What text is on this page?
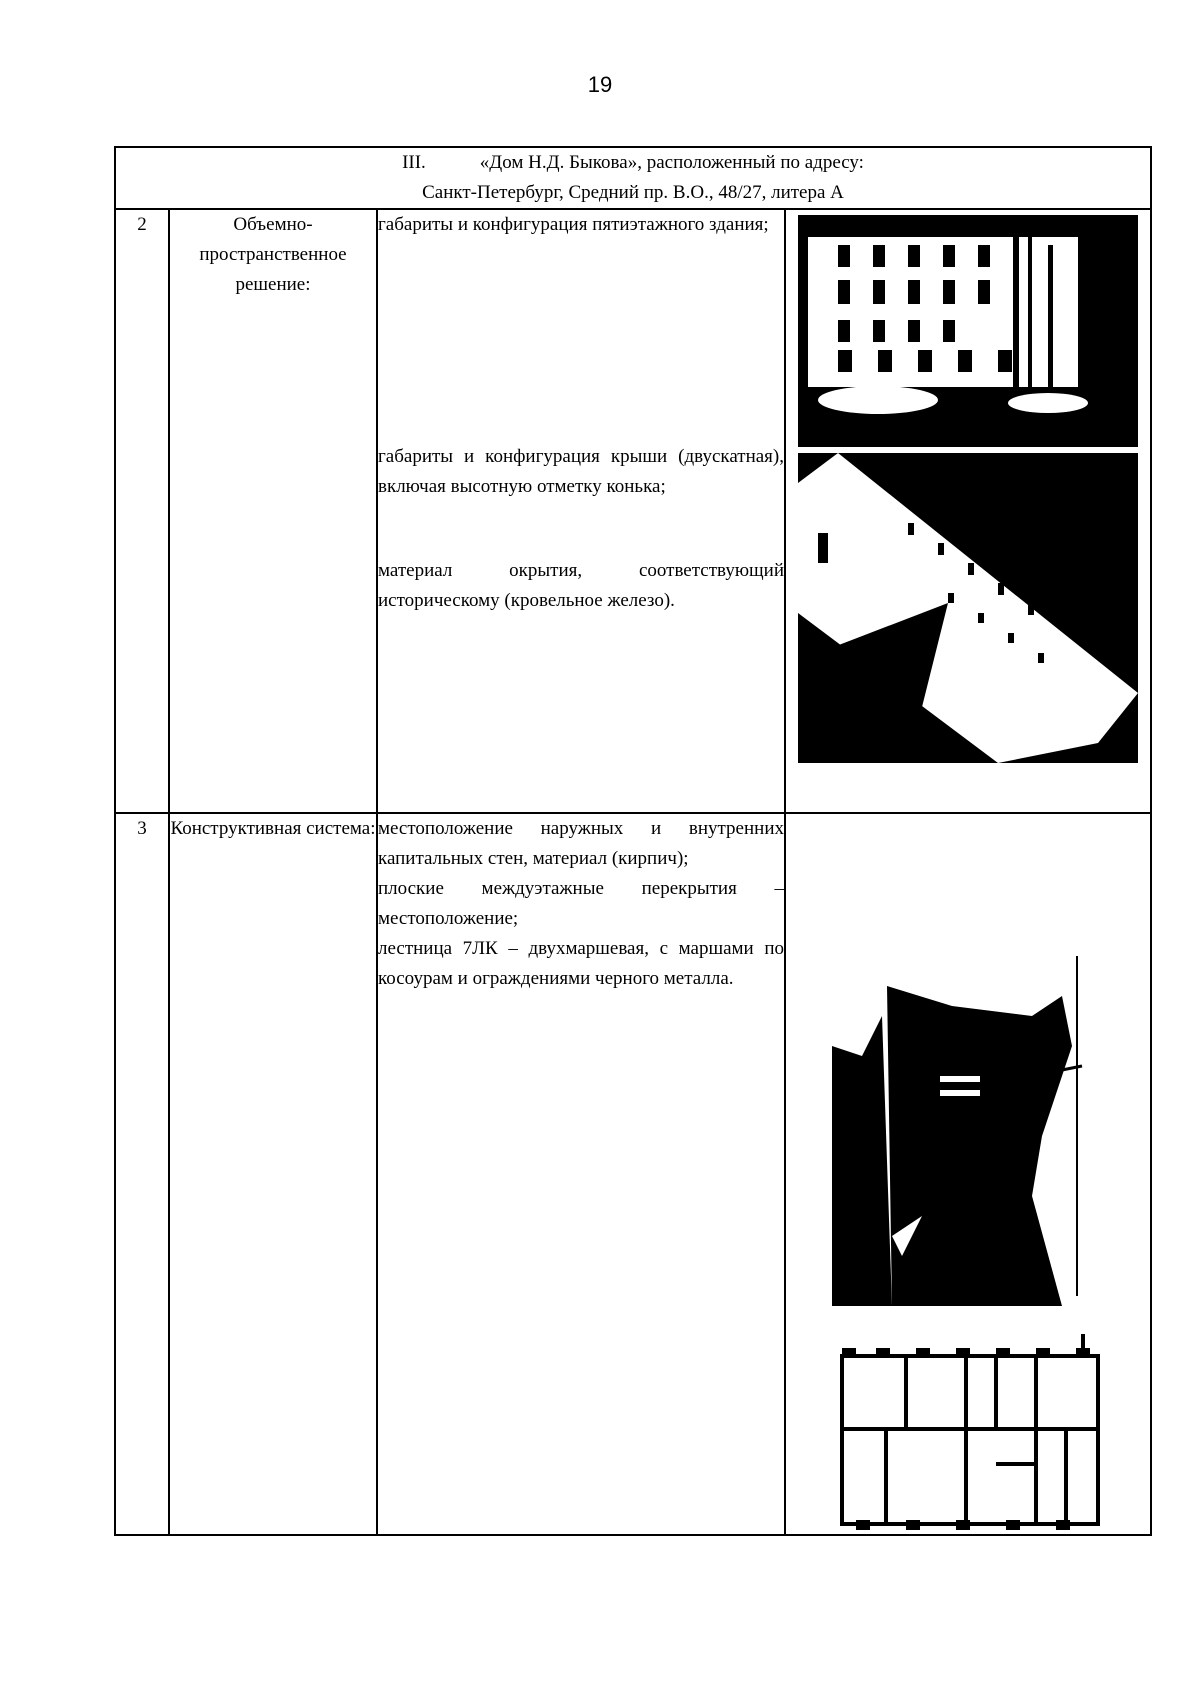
19
III. «Дом Н.Д. Быкова», расположенный по адресу:
Санкт-Петербург, Средний пр. В.О., 48/27, литера А			

2	Объемно-пространственное решение:	габариты и конфигурация пятиэтажного здания;
габариты и конфигурация крыши (двускатная), включая высотную отметку конька;
материал окрытия, соответствующий историческому (кровельное железо).

3	Конструктивная система:	местоположение наружных и внутренних капитальных стен, материал (кирпич);
плоские междуэтажные перекрытия – местоположение;
лестница 7ЛК – двухмаршевая, с маршами по косоурам и ограждениями черного металла.
